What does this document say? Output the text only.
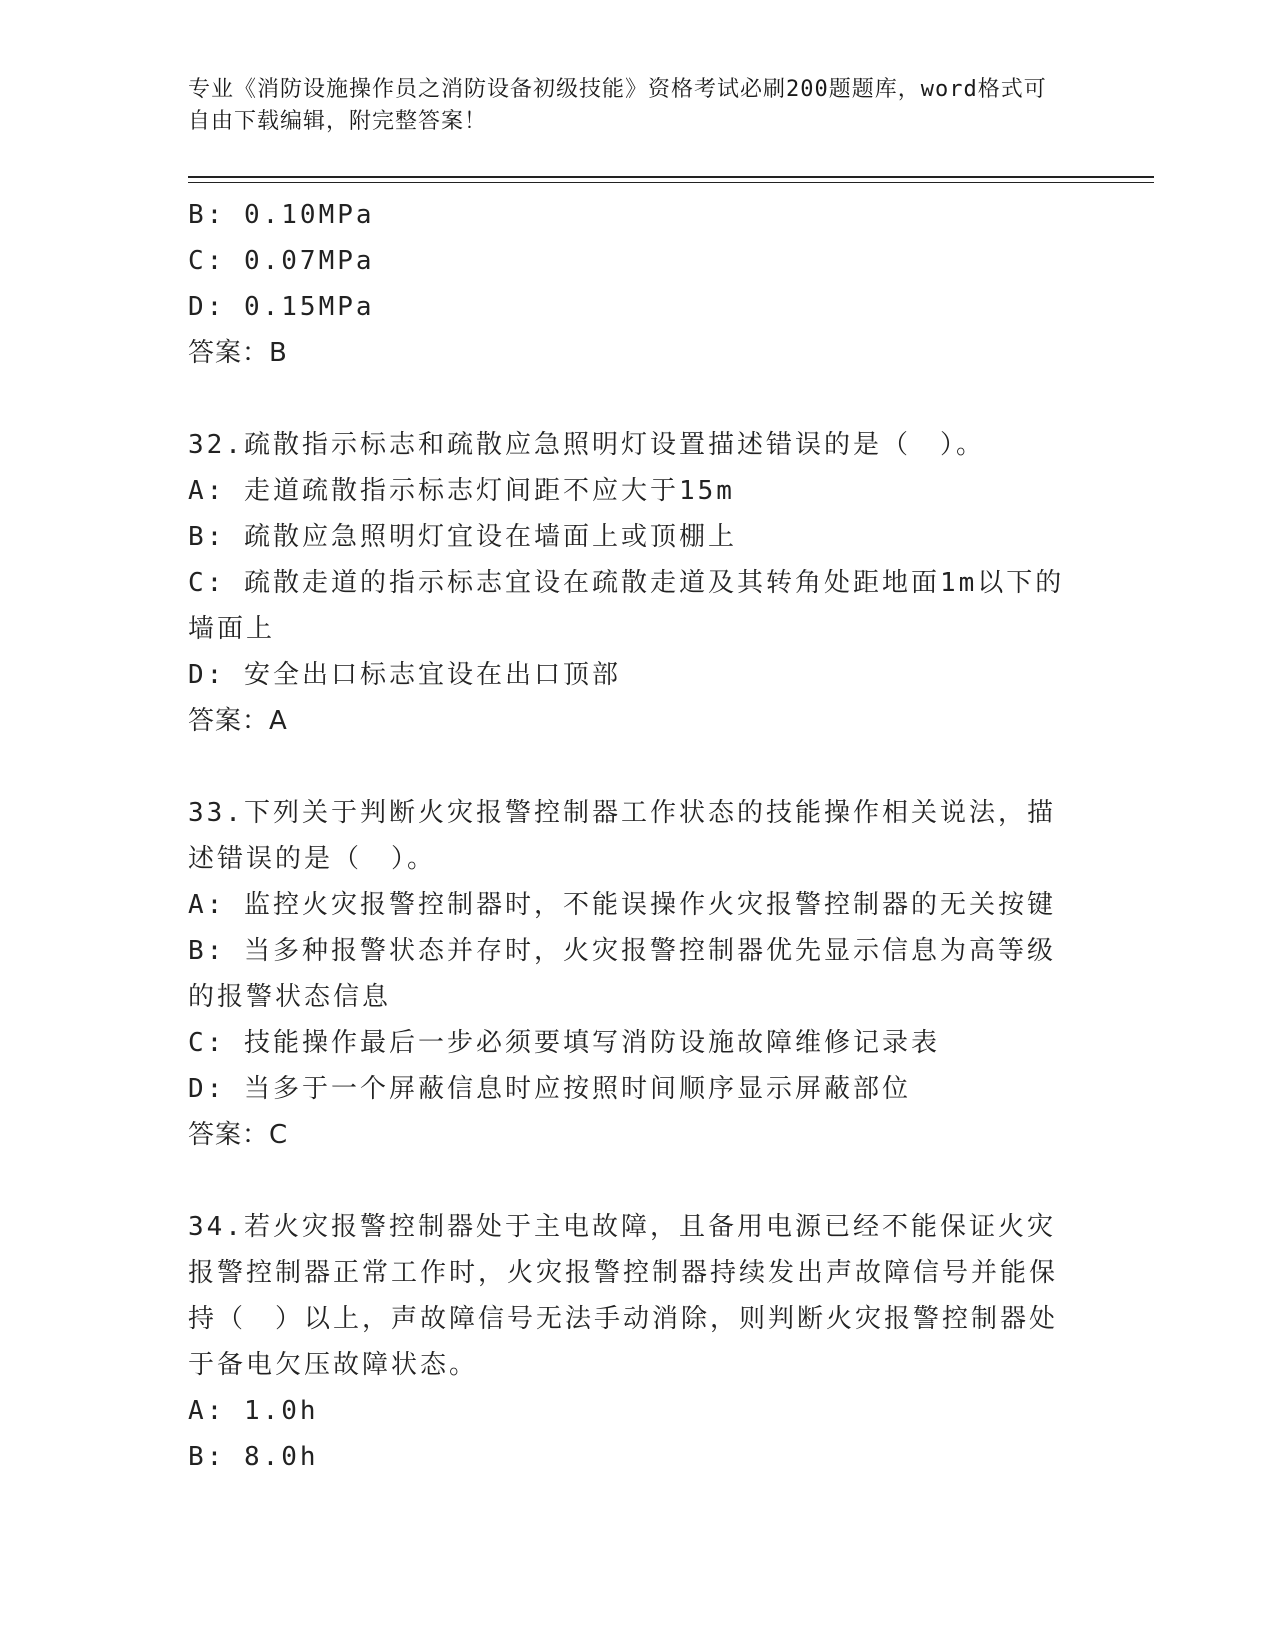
专业《消防设施操作员之消防设备初级技能》资格考试必刷200题题库，word格式可自由下载编辑，附完整答案！
B: 0.10MPa
C: 0.07MPa
D: 0.15MPa
答案：B
32.疏散指示标志和疏散应急照明灯设置描述错误的是（　）。
A: 走道疏散指示标志灯间距不应大于15m
B: 疏散应急照明灯宜设在墙面上或顶棚上
C: 疏散走道的指示标志宜设在疏散走道及其转角处距地面1m以下的墙面上
D: 安全出口标志宜设在出口顶部
答案：A
33.下列关于判断火灾报警控制器工作状态的技能操作相关说法，描述错误的是（　）。
A: 监控火灾报警控制器时，不能误操作火灾报警控制器的无关按键
B: 当多种报警状态并存时，火灾报警控制器优先显示信息为高等级的报警状态信息
C: 技能操作最后一步必须要填写消防设施故障维修记录表
D: 当多于一个屏蔽信息时应按照时间顺序显示屏蔽部位
答案：C
34.若火灾报警控制器处于主电故障，且备用电源已经不能保证火灾报警控制器正常工作时，火灾报警控制器持续发出声故障信号并能保持（　）以上，声故障信号无法手动消除，则判断火灾报警控制器处于备电欠压故障状态。
A: 1.0h
B: 8.0h
